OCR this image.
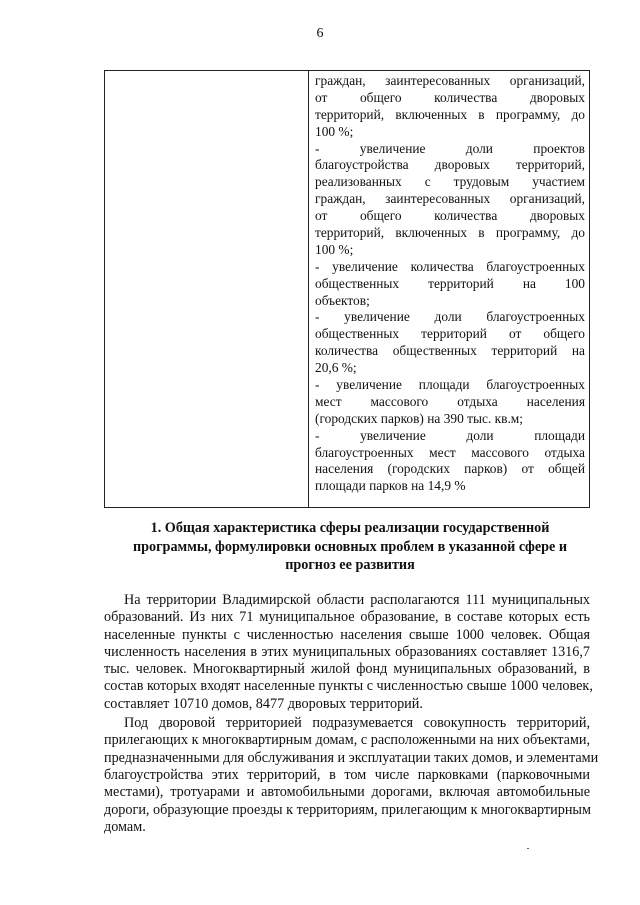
6
граждан, заинтересованных организаций,
от общего количества дворовых
территорий, включенных в программу, до
100 %;
- увеличение доли проектов
благоустройства дворовых территорий,
реализованных с трудовым участием
граждан, заинтересованных организаций,
от общего количества дворовых
территорий, включенных в программу, до
100 %;
- увеличение количества благоустроенных
общественных территорий на 100
объектов;
- увеличение доли благоустроенных
общественных территорий от общего
количества общественных территорий на
20,6 %;
- увеличение площади благоустроенных
мест массового отдыха населения
(городских парков) на 390 тыс. кв.м;
- увеличение доли площади
благоустроенных мест массового отдыха
населения (городских парков) от общей
площади парков на 14,9 %
1. Общая характеристика сферы реализации государственной
программы, формулировки основных проблем в указанной сфере и
прогноз ее развития
На территории Владимирской области располагаются 111 муниципальных
образований. Из них 71 муниципальное образование, в составе которых есть
населенные пункты с численностью населения свыше 1000 человек. Общая
численность населения в этих муниципальных образованиях составляет 1316,7
тыс. человек. Многоквартирный жилой фонд муниципальных образований, в
состав которых входят населенные пункты с численностью свыше 1000 человек,
составляет 10710 домов, 8477 дворовых территорий.
Под дворовой территорией подразумевается совокупность территорий,
прилегающих к многоквартирным домам, с расположенными на них объектами,
предназначенными для обслуживания и эксплуатации таких домов, и элементами
благоустройства этих территорий, в том числе парковками (парковочными
местами), тротуарами и автомобильными дорогами, включая автомобильные
дороги, образующие проезды к территориям, прилегающим к многоквартирным
домам.
